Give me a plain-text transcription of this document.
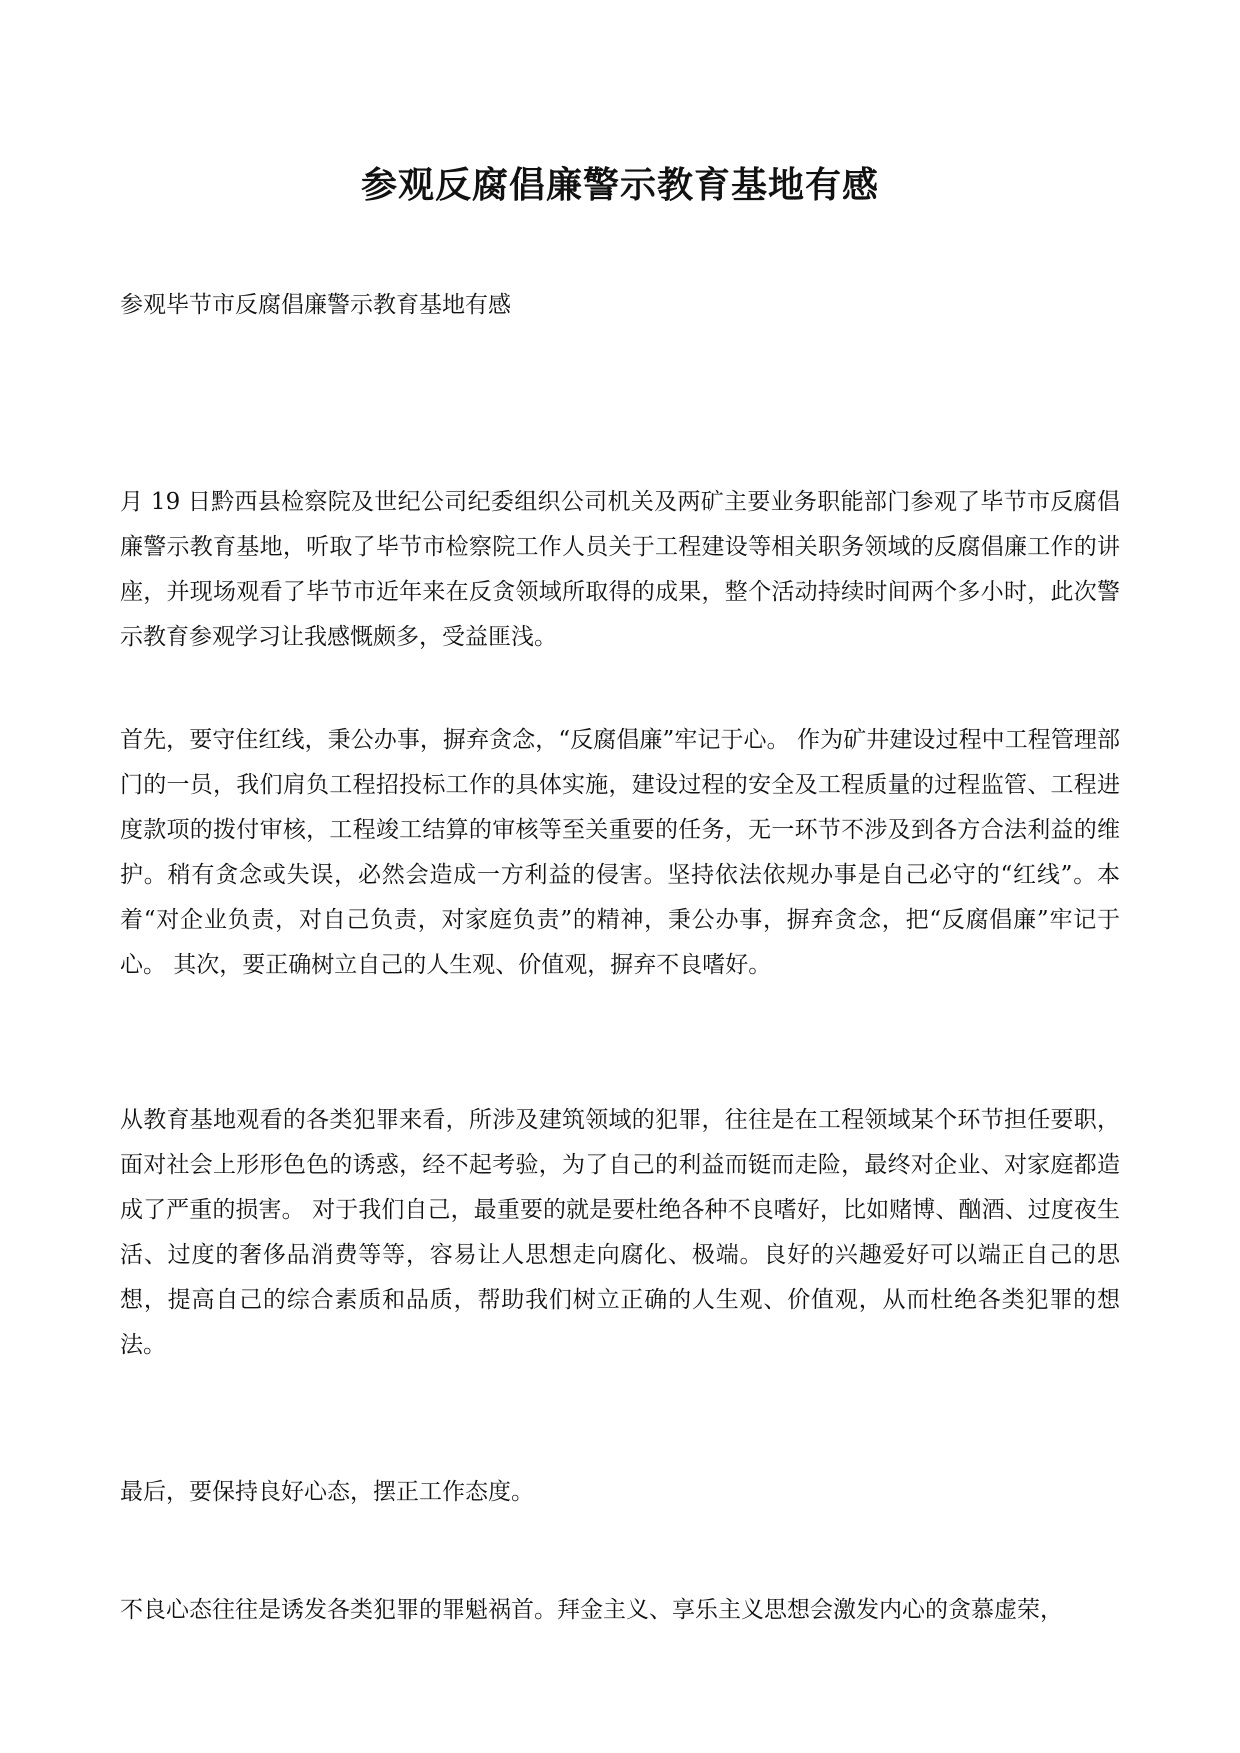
参观反腐倡廉警示教育基地有感

参观毕节市反腐倡廉警示教育基地有感

月 19 日黔西县检察院及世纪公司纪委组织公司机关及两矿主要业务职能部门参观了毕节市反腐倡廉警示教育基地，听取了毕节市检察院工作人员关于工程建设等相关职务领域的反腐倡廉工作的讲座，并现场观看了毕节市近年来在反贪领域所取得的成果，整个活动持续时间两个多小时，此次警示教育参观学习让我感慨颇多，受益匪浅。

首先，要守住红线，秉公办事，摒弃贪念，“反腐倡廉”牢记于心。 作为矿井建设过程中工程管理部门的一员，我们肩负工程招投标工作的具体实施，建设过程的安全及工程质量的过程监管、工程进度款项的拨付审核，工程竣工结算的审核等至关重要的任务，无一环节不涉及到各方合法利益的维护。稍有贪念或失误，必然会造成一方利益的侵害。坚持依法依规办事是自己必守的“红线”。本着“对企业负责，对自己负责，对家庭负责”的精神，秉公办事，摒弃贪念，把“反腐倡廉”牢记于心。 其次，要正确树立自己的人生观、价值观，摒弃不良嗜好。

从教育基地观看的各类犯罪来看，所涉及建筑领域的犯罪，往往是在工程领域某个环节担任要职，面对社会上形形色色的诱惑，经不起考验，为了自己的利益而铤而走险，最终对企业、对家庭都造成了严重的损害。 对于我们自己，最重要的就是要杜绝各种不良嗜好，比如赌博、酗酒、过度夜生活、过度的奢侈品消费等等，容易让人思想走向腐化、极端。良好的兴趣爱好可以端正自己的思想，提高自己的综合素质和品质，帮助我们树立正确的人生观、价值观，从而杜绝各类犯罪的想法。

最后，要保持良好心态，摆正工作态度。

不良心态往往是诱发各类犯罪的罪魁祸首。拜金主义、享乐主义思想会激发内心的贪慕虚荣，
